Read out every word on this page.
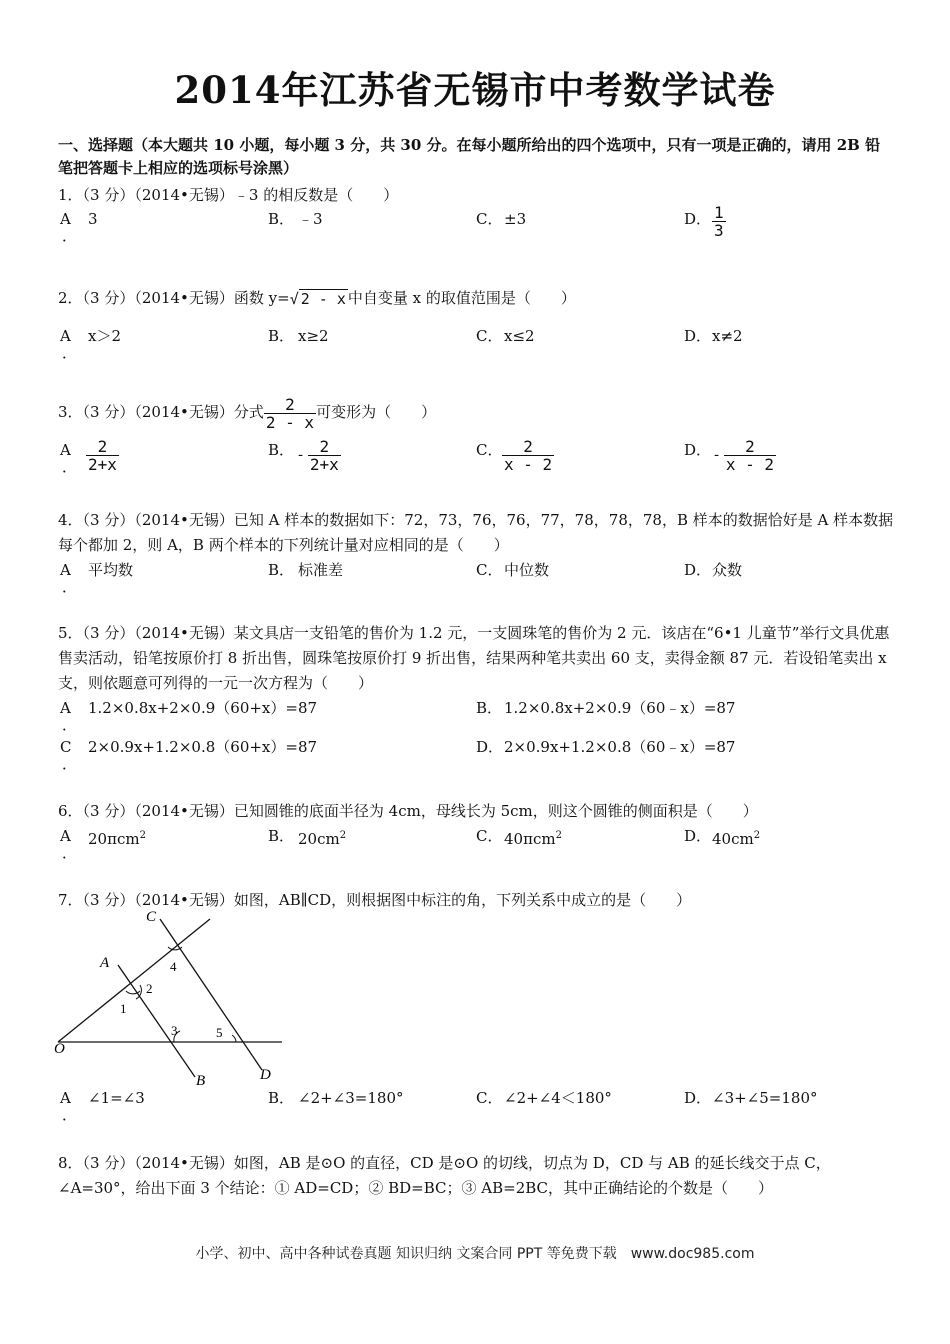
2014年江苏省无锡市中考数学试卷
一、选择题（本大题共 10 小题，每小题 3 分，共 30 分。在每小题所给出的四个选项中，只有一项是正确的，请用 2B 铅笔把答题卡上相应的选项标号涂黑）
1．（3 分）（2014•无锡）﹣3 的相反数是（　　）
A
．
3	B． ﹣3	C． ±3	D． $\frac{1}{3}$
2．（3 分）（2014•无锡）函数 y=√ 2 - x 中自变量 x 的取值范围是（　　）
A
．
x＞2	B． x≥2	C． x≤2	D． x≠2
3．（3 分）（2014•无锡）分式 $\frac{2}{2 - x}$ 可变形为（　　）
A
． $\frac{2}{2+x}$	B． - $\frac{2}{2+x}$	C． $\frac{2}{x - 2}$	D． - $\frac{2}{x - 2}$
4．（3 分）（2014•无锡）已知 A 样本的数据如下：72，73，76，76，77，78，78，78，B 样本的数据恰好是 A 样本数据每个都加 2，则 A，B 两个样本的下列统计量对应相同的是（　　）
A
．
平均数	B． 标准差	C． 中位数	D． 众数
5．（3 分）（2014•无锡）某文具店一支铅笔的售价为 1.2 元，一支圆珠笔的售价为 2 元．该店在“6•1 儿童节”举行文具优惠售卖活动，铅笔按原价打 8 折出售，圆珠笔按原价打 9 折出售，结果两种笔共卖出 60 支，卖得金额 87 元．若设铅笔卖出 x 支，则依题意可列得的一元一次方程为（　　）
A
．
1.2×0.8x+2×0.9（60+x）=87	B． 1.2×0.8x+2×0.9（60﹣x）=87
C
．
2×0.9x+1.2×0.8（60+x）=87	D． 2×0.9x+1.2×0.8（60﹣x）=87
6．（3 分）（2014•无锡）已知圆锥的底面半径为 4cm，母线长为 5cm，则这个圆锥的侧面积是（　　）
A
．
20πcm$^2$	B． $20cm^2$	C． 40πcm$^2$	D． $40cm^2$
7．（3 分）（2014•无锡）如图，AB∥CD，则根据图中标注的角，下列关系中成立的是（　　）
C
A
O
B	D
1
2
3
4
5
A
．
∠1=∠3	B． ∠2+∠3=180°	C． ∠2+∠4＜180°	D． ∠3+∠5=180°
8．（3 分）（2014•无锡）如图，AB 是⊙O 的直径，CD 是⊙O 的切线，切点为 D，CD 与 AB 的延长线交于点 C，∠A=30°，给出下面 3 个结论：① AD=CD；② BD=BC；③ AB=2BC，其中正确结论的个数是（　　）
小学、初中、高中各种试卷真题 知识归纳 文案合同 PPT 等免费下载　www.doc985.com
